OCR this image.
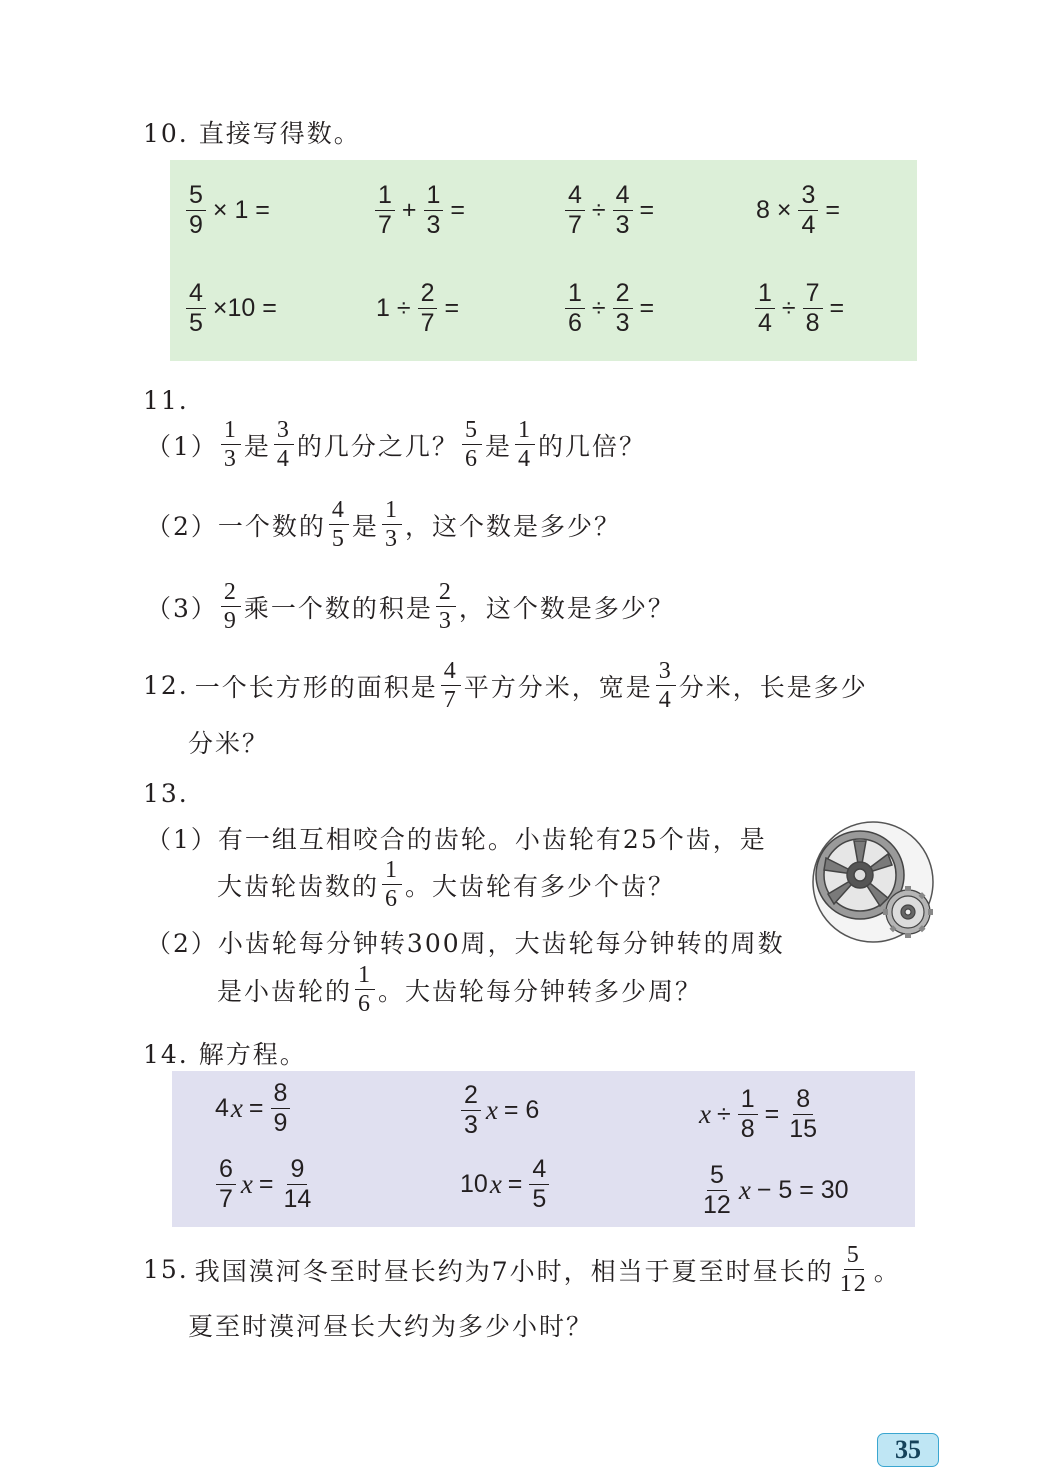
10. 直接写得数。
$\frac{5}{9} \times 1$ =	$\frac{1}{7} + \frac{1}{3}$ =	$\frac{4}{7} \div \frac{4}{3}$ =	$8 \times \frac{3}{4}$ =
$\frac{4}{5} \times 10$ =	$1 \div \frac{2}{7}$ =	$\frac{1}{6} \div \frac{2}{3}$ =	$\frac{1}{4} \div \frac{7}{8}$ =
11.
$(1) \frac{1}{3}$ 是 $\frac{3}{4}$ 的几分之几？ $\frac{5}{6}$ 是 $\frac{1}{4}$ 的几倍？
（2） 一个数的 $\frac{4}{5}$ 是 $\frac{1}{3}$ ，这个数是多少？
$(3) \frac{2}{9}$ 乘一个数的积是 $\frac{2}{3}$ ，这个数是多少？
12. 一个长方形的面积是 $\frac{4}{7}$ 平方分米，宽是 $\frac{3}{4}$ 分米，长是多少
分米？
13.
（1）有一组互相咬合的齿轮。小齿轮有25个齿，是
大齿轮齿数的 $\frac{1}{6}$ 。大齿轮有多少个齿？
（2）小齿轮每分钟转300周，大齿轮每分钟转的周数
是小齿轮的 $\frac{1}{6}$ 。大齿轮每分钟转多少周？
14. 解方程。
4 $x = \frac{8}{9}$	$\frac{2}{3}$ x = 6	$x \div \frac{1}{8} = \frac{8}{15}$
$\frac{6}{7}$ $x = \frac{9}{14}$	10 $x = \frac{4}{5}$	$\frac{5}{12}$ x − 5 = 30
15. 我国漠河冬至时昼长约为7小时，相当于夏至时昼长的 $\frac{5}{12}$ 。
夏至时漠河昼长大约为多少小时？
35
